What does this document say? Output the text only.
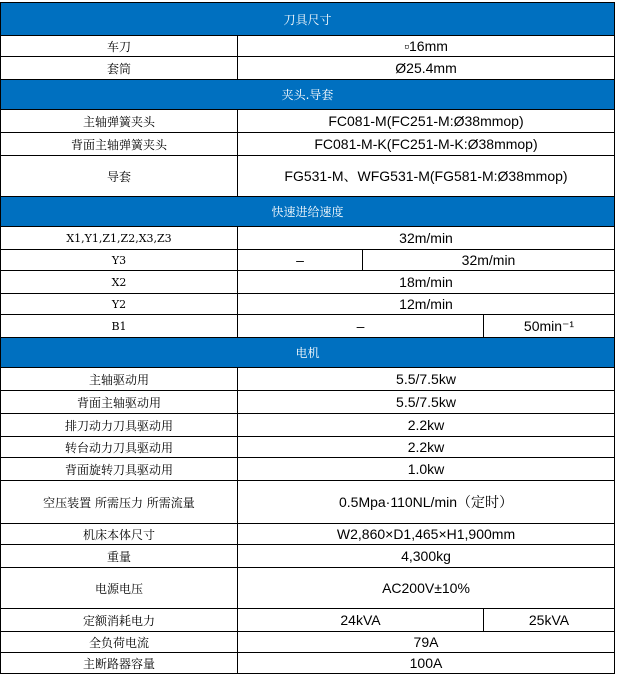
刀具尺寸
车刀	▫16mm
套筒	Ø25.4mm
夹头.导套
主轴弹簧夹头	FC081-M(FC251-M:Ø38mmop)
背面主轴弹簧夹头	FC081-M-K(FC251-M-K:Ø38mmop)
导套	FG531-M、WFG531-M(FG581-M:Ø38mmop)
快速进给速度
X1,Y1,Z1,Z2,X3,Z3	32m/min
Y3	–	32m/min
X2	18m/min
Y2	12m/min
B1	–	50min⁻¹
电机
主轴驱动用	5.5/7.5kw
背面主轴驱动用	5.5/7.5kw
排刀动力刀具驱动用	2.2kw
转台动力刀具驱动用	2.2kw
背面旋转刀具驱动用	1.0kw
空压装置 所需压力 所需流量	0.5Mpa·110NL/min（定时）
机床本体尺寸	W2,860×D1,465×H1,900mm
重量	4,300kg
电源电压	AC200V±10%
定额消耗电力	24kVA	25kVA
全负荷电流	79A
主断路器容量	100A
